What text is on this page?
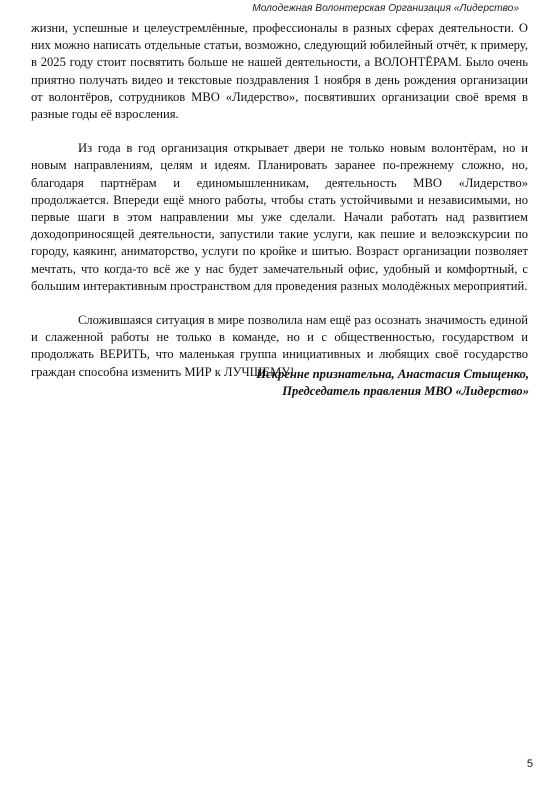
Молодежная Волонтерская Организация «Лидерство»

жизни, успешные и целеустремлённые, профессионалы в разных сферах деятельности. О них можно написать отдельные статьи, возможно, следующий юбилейный отчёт, к примеру, в 2025 году стоит посвятить больше не нашей деятельности, а ВОЛОНТЁРАМ. Было очень приятно получать видео и текстовые поздравления 1 ноября в день рождения организации от волонтёров, сотрудников МВО «Лидерство», посвятивших организации своё время в разные годы её взросления.

Из года в год организация открывает двери не только новым волонтёрам, но и новым направлениям, целям и идеям. Планировать заранее по-прежнему сложно, но, благодаря партнёрам и единомышленникам, деятельность МВО «Лидерство» продолжается. Впереди ещё много работы, чтобы стать устойчивыми и независимыми, но первые шаги в этом направлении мы уже сделали. Начали работать над развитием доходоприносящей деятельности, запустили такие услуги, как пешие и велоэкскурсии по городу, каякинг, аниматорство, услуги по кройке и шитью. Возраст организации позволяет мечтать, что когда-то всё же у нас будет замечательный офис, удобный и комфортный, с большим интерактивным пространством для проведения разных молодёжных мероприятий.

Сложившаяся ситуация в мире позволила нам ещё раз осознать значимость единой и слаженной работы не только в команде, но и с общественностью, государством и продолжать ВЕРИТЬ, что маленькая группа инициативных и любящих своё государство граждан способна изменить МИР к ЛУЧШЕМУ!

Искренне признательна, Анастасия Стыщенко,
Председатель правления МВО «Лидерство»
5
